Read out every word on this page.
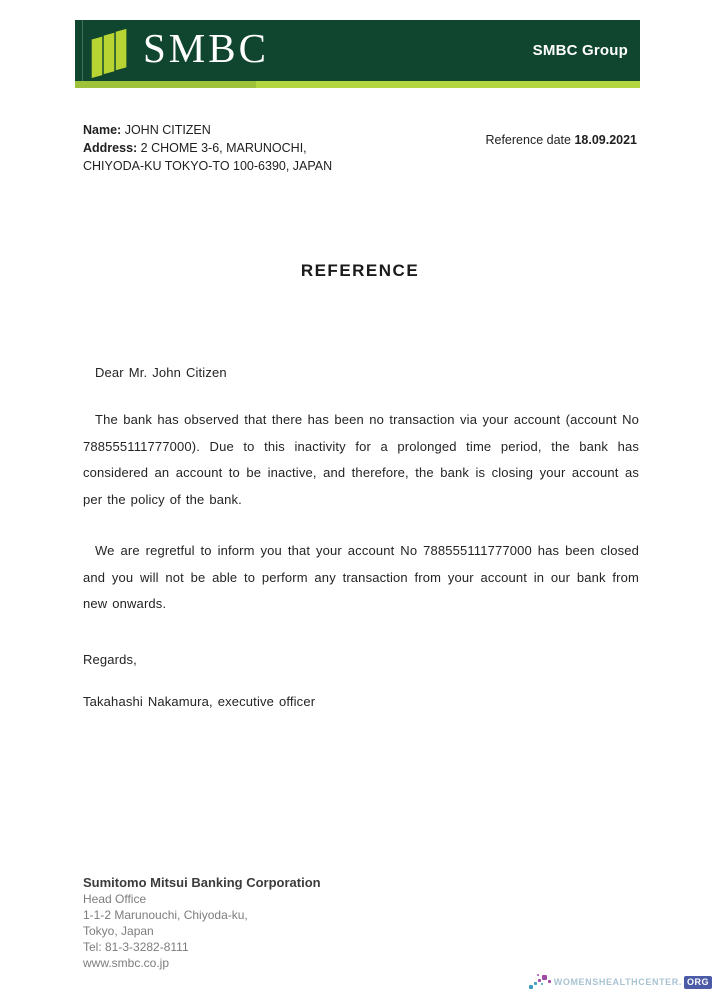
SMBC	SMBC Group
Name: JOHN CITIZEN
Address: 2 CHOME 3-6, MARUNOCHI,
CHIYODA-KU TOKYO-TO 100-6390, JAPAN
Reference date 18.09.2021
REFERENCE
Dear Mr. John Citizen
The bank has observed that there has been no transaction via your account (account No 788555111777000). Due to this inactivity for a prolonged time period, the bank has considered an account to be inactive, and therefore, the bank is closing your account as per the policy of the bank.
We are regretful to inform you that your account No 788555111777000 has been closed and you will not be able to perform any transaction from your account in our bank from new onwards.
Regards,
Takahashi Nakamura, executive officer
Sumitomo Mitsui Banking Corporation
Head Office
1-1-2 Marunouchi, Chiyoda-ku,
Tokyo, Japan
Tel: 81-3-3282-8111
www.smbc.co.jp
WOMENSHEALTHCENTER. ORG
